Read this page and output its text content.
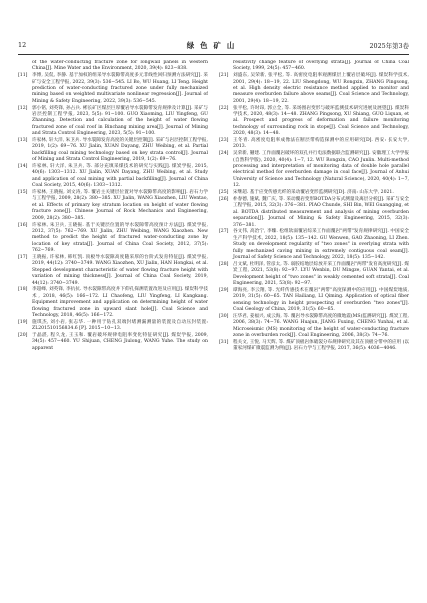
12	绿色矿山	2025年第3卷
of the water-conducting fracture zone for longwall panels in western China[J]. Mine Water and the Environment, 2020, 39(4): 823−838.
[11] 李博, 吴侃, 李静. 基于加权的组采导水裂隙带高度多元非线性回归预测方法研究[J]. 采矿与安全工程学报, 2022, 39(3): 536−545. LI Bo, WU Huang, LI Teng. Height prediction of water-conducting fractured zone under fully mechanized mining based on weighted multivariate nonlinear regression[J]. Journal of Mining & Safety Engineering, 2022, 39(3): 536−545.
[12] 郭小铭, 刘英锋, 孙占兵. 彬长矿区煤层巨厚覆岩导水裂隙带发育规律及计算[J]. 采矿与岩层控制工程学报, 2023, 5(5): 91−100. GUO Xiaoming, LIU Yingfeng, GU Zhanning. Detection and calculation of the height of water flowing fractured zone of coal roof in Binchang mining area[J]. Journal of Mining and Strata Control Engineering, 2023, 5(5): 91−100.
[13] 许家林, 轩大洋, 朱卫兵. 导水裂隙发育高度的关键层控制[J]. 采矿与岩层控制工程学报, 2019, 1(2): 69−76. XU Jialin, XUAN Dayang, ZHU Weibing, et al. Partial backfilling coal mining technology based on key strata control[J]. Journal of Mining and Strata Control Engineering, 2019, 1(2): 69−76.
[14] 许家林, 轩大洋, 朱卫兵, 等. 部分充填采煤技术的研究与实践[J]. 煤炭学报, 2015, 40(6): 1303−1312. XU Jialin, XUAN Dayang, ZHU Weibing, et al. Study and application of coal mining with partial backfilling[J]. Journal of China Coal Society, 2015, 40(6): 1303−1312.
[15] 许家林, 王晓振, 刘文涛, 等. 覆岩主关键层位置对导水裂隙带高度的影响[J]. 岩石力学与工程学报, 2009, 28(2): 380−385. XU Jialin, WANG Xiaozhen, LIU Wentao, et al. Effects of primary key stratum location on height of water flowing fracture zone[J]. Chinese Journal of Rock Mechanics and Engineering, 2009, 28(2): 380−385.
[16] 许家林, 朱卫兵, 王晓振. 基于关键层位置的导水裂隙带高度预计方法[J]. 煤炭学报, 2012, 37(5): 762−769. XU Jialin, ZHU Weibing, WANG Xiaozhen. New method to predict the height of fractured water-conducting zone by location of key strata[J]. Journal of China Coal Society, 2012, 37(5): 762−769.
[17] 王晓振, 许家林, 韩红凯. 顶板导水裂隙高度随采厚的台阶式发育特征[J]. 煤炭学报, 2019, 44(12): 3740−3749. WANG Xiaozhen, XU Jialin, HAN Hongkai, et al. Stepped development characteristic of water flowing fracture height with variation of mining thickness[J]. Journal of China Coal Society, 2019, 44(12): 3740−3749.
[18] 李超峰, 刘英锋, 李抗抗. 导水裂隙带高度井下仰孔探测装置改进及应用[J]. 煤炭科学技术, 2018, 46(5): 166−172. LI Chaofeng, LIU Yingfeng, LI Kangkang. Equipment improvement and application on determining height of water flowing fractured zone in upward slant hole[J]. Coal Science and Technology, 2018, 46(5): 166−172.
[19] 施琪杰, 刘小岩, 张志华. 一种用于钻孔双端封堵测漏测量的装置及自动压封装置: ZL201510156834.6 [P]. 2015−10−13.
[20] 于晶湛, 程久龙, 王玉和. 覆岩破坏规律电阻率变化特征研究[J]. 煤炭学报, 2009, 34(5): 457−460. YU Shijuan, CHENG Jiulong, WANG Yuhe. The study on apparent
resistivity change feature of overlying strata[J]. Journal of China Coal Society, 1999, 24(5): 457−460.
[21] 刘盛东, 吴荣新, 张平松, 等. 高密度电阻率观测煤层上覆岩层破坏[J]. 煤炭科学技术, 2001, 29(4): 18−19, 22. LIU Shengdong, WU Rongxin, ZHANG Pingsong, et al. High density electric resistance method applied to monitor and measure overburden failure above seams[J]. Coal Science and Technology, 2001, 29(4): 18−19, 22.
[22] 张平松, 许时昂, 郭立全, 等. 采场围岩变形与破坏监测技术研究进展及展望[J]. 煤炭科学技术, 2020, 48(3): 14−48. ZHANG Pingsong, XU Shiang, GUO Liquan, et al. Prospect and progress of deformation and failure monitoring technology of surrounding rock in stope[J]. Coal Science and Technology, 2020, 48(3): 14−48.
[23] 王冬青. 高密度电阻率成像法在断层带构造探测中的应用研究[D]. 西安: 长安大学, 2013.
[24] 吴荣新, 蒯建. 工作面覆岩破坏的双孔并行电法数据联合监测研究[J]. 安徽理工大学学报 (自然科学版), 2020, 40(4): 1−7, 12. WU Rongxin, CAO Junlin. Multi-method processing and interpretation of monitoring data of double hole parallel electrical method for overburden damage in coal face[J]. Journal of Anhui University of Science and Technology (Natural Science), 2020, 40(4): 1−7, 12.
[25] 宋继超. 基于应变传感光纤的采动覆岩变形监测研究[D]. 济南: 山东大学, 2021.
[26] 朴春德, 施斌, 魏广庆, 等. 采动覆岩变形BOTDA分布式测量及离层分析[J]. 采矿与安全工程学报, 2015, 32(3): 376−381. PIAO Chunde, SHI Bin, WEI Guangqing, et al. BOTDA distributed measurement and analysis of mining overburden separation[J]. Journal of Mining & Safety Engineering, 2015, 32(3): 376−381.
[27] 谷文伟, 高治宁, 李臻. 松组软弱覆岩综采工作面覆岩"两带"发育规律研究[J]. 中国安全生产科学技术, 2022, 18(5): 135−142. GU Wenwen, GAO Zhaoning, LI Zhen. Study on development regularity of "two zones" in overlying strata with fully mechanized caving mining in extremely contiguous coal seam[J]. Journal of Safety Science and Technology, 2022, 18(5): 135−142.
[28] 吕文斌, 杜明泽, 管彦太, 等. 弱胶结地层综放开采工作面覆岩"两带"发育高度研究[J]. 煤炭工程, 2021, 53(8): 92−97. LYU Wenbin, DU Mingze, GUAN Yantai, et al. Development height of "two zones" in weakly cemented soft strata[J]. Coal Engineering, 2021, 53(8): 92−97.
[29] 谭海亮, 李云翔, 等. 光纤传感技术在覆岩"两带"高度探测中的应用[J]. 中国煤炭地质, 2019, 31(5): 60−65. TAN Hailiang, LI Qiming. Application of optical fiber sensing technology in height prospecting of overburden "two zones"[J]. Coal Geology of China, 2019, 31(5): 60−65.
[30] 汪华君, 姜福兴, 成云海, 等. 覆岩导水裂隙带高度的微地震(MS)监测研究[J]. 煤炭工程, 2006, 38(3): 74−76. WANG Huajun, JIANG Fuxing, CHENG Yunhai, et al. Microseismic (MS) monitoring of the height of water-conducting fracture zone in overburden rock[J]. Coal Engineering, 2006, 38(3): 74−76.
[31] 程关文, 王悦, 马天辉, 等. 煤矿顶板岩体破裂分布规律研究及其在顶板分带中的应用 (以董家河煤矿微震监测为例)[J]. 岩石力学与工程学报, 2017, 36(5): 4036−4046.
